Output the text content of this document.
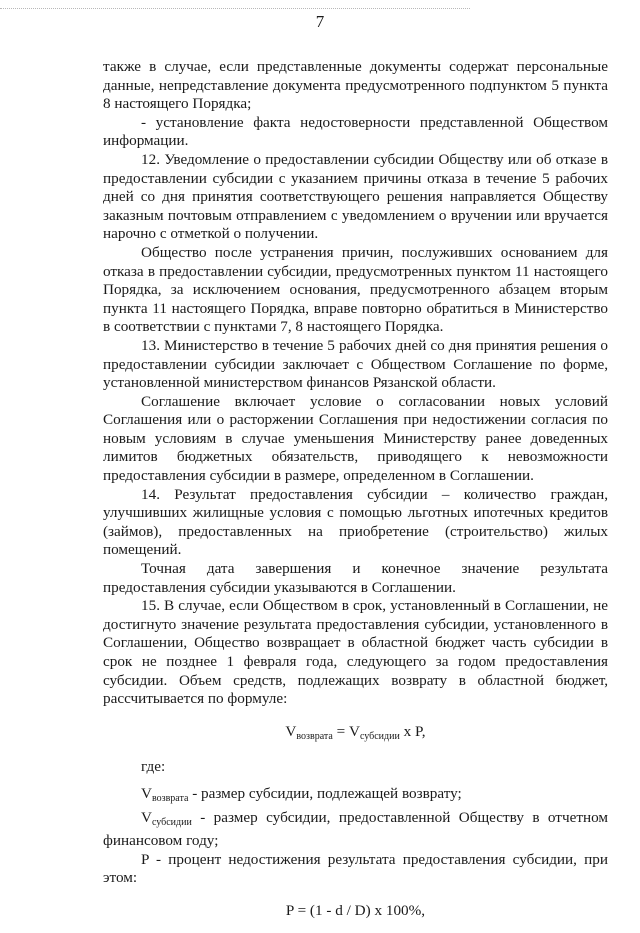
7

также в случае, если представленные документы содержат персональные данные, непредставление документа предусмотренного подпунктом 5 пункта 8 настоящего Порядка;

- установление факта недостоверности представленной Обществом информации.

12. Уведомление о предоставлении субсидии Обществу или об отказе в предоставлении субсидии с указанием причины отказа в течение 5 рабочих дней со дня принятия соответствующего решения направляется Обществу заказным почтовым отправлением с уведомлением о вручении или вручается нарочно с отметкой о получении.

Общество после устранения причин, послуживших основанием для отказа в предоставлении субсидии, предусмотренных пунктом 11 настоящего Порядка, за исключением основания, предусмотренного абзацем вторым пункта 11 настоящего Порядка, вправе повторно обратиться в Министерство в соответствии с пунктами 7, 8 настоящего Порядка.

13. Министерство в течение 5 рабочих дней со дня принятия решения о предоставлении субсидии заключает с Обществом Соглашение по форме, установленной министерством финансов Рязанской области.

Соглашение включает условие о согласовании новых условий Соглашения или о расторжении Соглашения при недостижении согласия по новым условиям в случае уменьшения Министерству ранее доведенных лимитов бюджетных обязательств, приводящего к невозможности предоставления субсидии в размере, определенном в Соглашении.

14. Результат предоставления субсидии – количество граждан, улучшивших жилищные условия с помощью льготных ипотечных кредитов (займов), предоставленных на приобретение (строительство) жилых помещений.

Точная дата завершения и конечное значение результата предоставления субсидии указываются в Соглашении.

15. В случае, если Обществом в срок, установленный в Соглашении, не достигнуто значение результата предоставления субсидии, установленного в Соглашении, Общество возвращает в областной бюджет часть субсидии в срок не позднее 1 февраля года, следующего за годом предоставления субсидии. Объем средств, подлежащих возврату в областной бюджет, рассчитывается по формуле:

$V_{возврата} = V_{субсидии}$ x P,

где:

$V_{возврата}$ - размер субсидии, подлежащей возврату;

$V_{субсидии}$ - размер субсидии, предоставленной Обществу в отчетном финансовом году;

P - процент недостижения результата предоставления субсидии, при этом:

P = (1 - d / D) x 100%,
